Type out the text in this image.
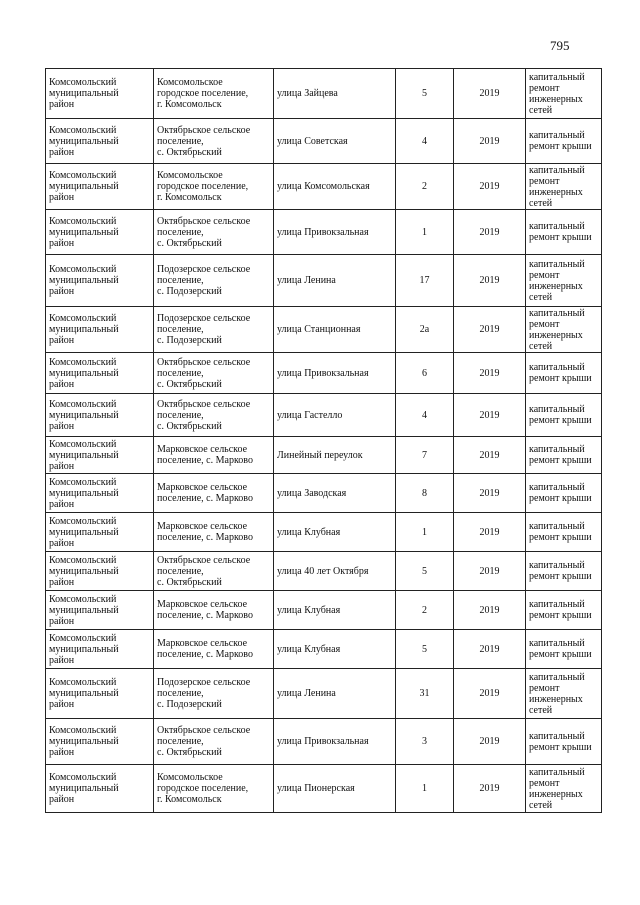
795
Комсомольский
муниципальный
район	Комсомольское
городское поселение,
г. Комсомольск	улица Зайцева	5	2019	капитальный
ремонт
инженерных
сетей

Комсомольский
муниципальный
район	Октябрьское сельское
поселение,
с. Октябрьский	улица Советская	4	2019	капитальный
ремонт крыши

Комсомольский
муниципальный
район	Комсомольское
городское поселение,
г. Комсомольск	улица Комсомольская	2	2019	капитальный
ремонт
инженерных
сетей

Комсомольский
муниципальный
район	Октябрьское сельское
поселение,
с. Октябрьский	улица Привокзальная	1	2019	капитальный
ремонт крыши

Комсомольский
муниципальный
район	Подозерское сельское
поселение,
с. Подозерский	улица Ленина	17	2019	капитальный
ремонт
инженерных
сетей

Комсомольский
муниципальный
район	Подозерское сельское
поселение,
с. Подозерский	улица Станционная	2а	2019	капитальный
ремонт
инженерных
сетей

Комсомольский
муниципальный
район	Октябрьское сельское
поселение,
с. Октябрьский	улица Привокзальная	6	2019	капитальный
ремонт крыши

Комсомольский
муниципальный
район	Октябрьское сельское
поселение,
с. Октябрьский	улица Гастелло	4	2019	капитальный
ремонт крыши

Комсомольский
муниципальный
район	Марковское сельское
поселение, с. Марково	Линейный переулок	7	2019	капитальный
ремонт крыши

Комсомольский
муниципальный
район	Марковское сельское
поселение, с. Марково	улица Заводская	8	2019	капитальный
ремонт крыши

Комсомольский
муниципальный
район	Марковское сельское
поселение, с. Марково	улица Клубная	1	2019	капитальный
ремонт крыши

Комсомольский
муниципальный
район	Октябрьское сельское
поселение,
с. Октябрьский	улица 40 лет Октября	5	2019	капитальный
ремонт крыши

Комсомольский
муниципальный
район	Марковское сельское
поселение, с. Марково	улица Клубная	2	2019	капитальный
ремонт крыши

Комсомольский
муниципальный
район	Марковское сельское
поселение, с. Марково	улица Клубная	5	2019	капитальный
ремонт крыши

Комсомольский
муниципальный
район	Подозерское сельское
поселение,
с. Подозерский	улица Ленина	31	2019	капитальный
ремонт
инженерных
сетей

Комсомольский
муниципальный
район	Октябрьское сельское
поселение,
с. Октябрьский	улица Привокзальная	3	2019	капитальный
ремонт крыши

Комсомольский
муниципальный
район	Комсомольское
городское поселение,
г. Комсомольск	улица Пионерская	1	2019	капитальный
ремонт
инженерных
сетей
